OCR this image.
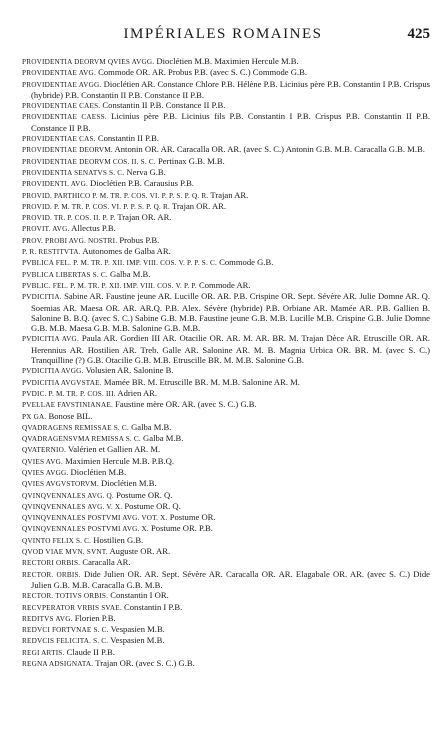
IMPÉRIALES ROMAINES	425
PROVIDENTIA DEORVM QVIES AVGG. Dioclétien M.B. Maximien Hercule M.B.
PROVIDENTIAE AVG. Commode OR. AR. Probus P.B. (avec S. C.) Commode G.B.
PROVIDENTIAE AVGG. Dioclétien AR. Constance Chlore P.B. Hélène P.B. Licinius père P.B. Constantin I P.B. Crispus (hybride) P.B. Constantin II P.B. Constance II P.B.
PROVIDENTIAE CAES. Constantin II P.B. Constance II P.B.
PROVIDENTIAE CAESS. Licinius père P.B. Licinius fils P.B. Constantin I P.B. Crispus P.B. Constantin II P.B. Constance II P.B.
PROVIDENTIAE CAS. Constantin II P.B.
PROVIDENTIAE DEORVM. Antonin OR. AR. Caracalla OR. AR. (avec S. C.) Antonin G.B. M.B. Caracalla G.B. M.B.
PROVIDENTIAE DEORVM COS. II. S. C. Pertinax G.B. M.B.
PROVIDENTIA SENATVS S. C. Nerva G.B.
PROVIDENTI. AVG. Dioclétien P.B. Carausius P.B.
PROVID. PARTHICO P. M. TR. P. COS. VI. P. P. S. P. Q. R. Trajan AR.
PROVID. P. M. TR. P. COS. VI. P. P. S. P. Q. R. Trajan OR. AR.
PROVID. TR. P. COS. II. P. P. Trajan OR. AR.
PROVIT. AVG. Allectus P.B.
PROV. PROBI AVG. NOSTRI. Probus P.B.
P. R. RESTITVTA. Autonomes de Galba AR.
PVBLICA FEL. P. M. TR. P. XII. IMP. VIII. COS. V. P. P. S. C. Commode G.B.
PVBLICA LIBERTAS S. C. Galba M.B.
PVBLIC. FEL. P. M. TR. P. XII. IMP. VIII. COS. V. P. P. Commode AR.
PVDICITIA. Sabine AR. Faustine jeune AR. Lucille OR. AR. P.B. Crispine OR. Sept. Sévère AR. Julie Domne AR. Q. Soemias AR. Maesa OR. AR. AR.Q. P.B. Alex. Sévère (hybride) P.B. Orbiane AR. Mamée AR. P.B. Gallien B. Salonine B. B.Q. (avec S. C.) Sabine G.B. M.B. Faustine jeune G.B. M.B. Lucille M.B. Crispine G.B. Julie Domne G.B. M.B. Maesa G.B. M.B. Salonine G.B. M.B.
PVDICITIA AVG. Paula AR. Gordien III AR. Otacilie OR. AR. M. AR. BR. M. Trajan Dèce AR. Etruscille OR. AR. Herennius AR. Hostilien AR. Treb. Galle AR. Salonine AR. M. B. Magnia Urbica OR. BR. M. (avec S. C.) Tranquilline (?) G.B. Otacilie G.B. M.B. Etruscille BR. M. M.B. Salonine G.B.
PVDICITIA AVGG. Volusien AR. Salonine B.
PVDICITIA AVGVSTAE. Mamée BR. M. Etruscille BR. M. M.B. Salonine AR. M.
PVDIC. P. M. TR. P. COS. III. Adrien AR.
PVELLAE FAVSTINIANAE. Faustine mère OR. AR. (avec S. C.) G.B.
PX GA. Bonose BIL.
QVADRAGENS REMISSAE S. C. Galba M.B.
QVADRAGENSVMA REMISSA S. C. Galba M.B.
QVATERNIO. Valérien et Gallien AR. M.
QVIES AVG. Maximien Hercule M.B. P.B.Q.
QVIES AVGG. Dioclétien M.B.
QVIES AVGVSTORVM. Dioclétien M.B.
QVINQVENNALES AVG. Q. Postume OR. Q.
QVINQVENNALES AVG. V. X. Postume OR. Q.
QVINQVENNALES POSTVMI AVG. VOT. X. Postume OR.
QVINQVENNALES POSTVMI AVG. X. Postume OR. P.B.
QVINTO FELIX S. C. Hostilien G.B.
QVOD VIAE MVN. SVNT. Auguste OR. AR.
RECTORI ORBIS. Caracalla AR.
RECTOR. ORBIS. Dide Julien OR. AR. Sept. Sévère AR. Caracalla OR. AR. Elagabale OR. AR. (avec S. C.) Dide Julien G.B. M.B. Caracalla G.B. M.B.
RECTOR. TOTIVS ORBIS. Constantin I OR.
RECVPERATOR VRBIS SVAE. Constantin I P.B.
REDITVS AVG. Florien P.B.
REDVCI FORTVNAE S. C. Vespasien M.B.
REDVCIS FELICITA. S. C. Vespasien M.B.
REGI ARTIS. Claude II P.B.
REGNA ADSIGNATA. Trajan OR. (avec S. C.) G.B.
